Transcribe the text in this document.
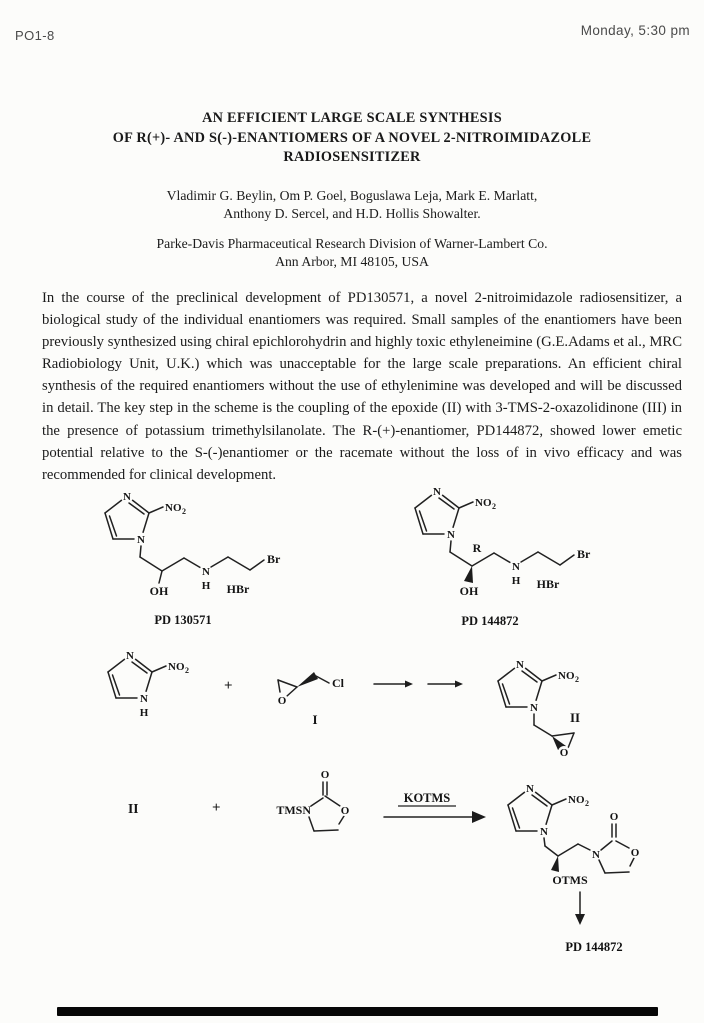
PO1-8	Monday, 5:30 pm
AN EFFICIENT LARGE SCALE SYNTHESIS
OF R(+)- AND S(-)-ENANTIOMERS OF A NOVEL 2-NITROIMIDAZOLE
RADIOSENSITIZER
Vladimir G. Beylin, Om P. Goel, Boguslawa Leja, Mark E. Marlatt,
Anthony D. Sercel, and H.D. Hollis Showalter.
Parke-Davis Pharmaceutical Research Division of Warner-Lambert Co.
Ann Arbor, MI 48105, USA
In the course of the preclinical development of PD130571, a novel 2-nitroimidazole radiosensitizer, a biological study of the individual enantiomers was required. Small samples of the enantiomers have been previously synthesized using chiral epichlorohydrin and highly toxic ethyleneimine (G.E.Adams et al., MRC Radiobiology Unit, U.K.) which was unacceptable for the large scale preparations. An efficient chiral synthesis of the required enantiomers without the use of ethylenimine was developed and will be discussed in detail. The key step in the scheme is the coupling of the epoxide (II) with 3-TMS-2-oxazolidinone (III) in the presence of potassium trimethylsilanolate. The R-(+)-enantiomer, PD144872, showed lower emetic potential relative to the S-(-)enantiomer or the racemate without the loss of in vivo efficacy and was recommended for clinical development.
N
N
NO 2
OH
N
H
Br
HBr
PD 130571
N
N
NO 2
R
OH
N
H
Br
HBr
PD 144872
N
N
H
NO 2
+
O
Cl
I
N
N
NO 2
O
II
II	+	TMSN	O
O
KOTMS
N
N
NO 2
OTMS
N	O
O
PD 144872
